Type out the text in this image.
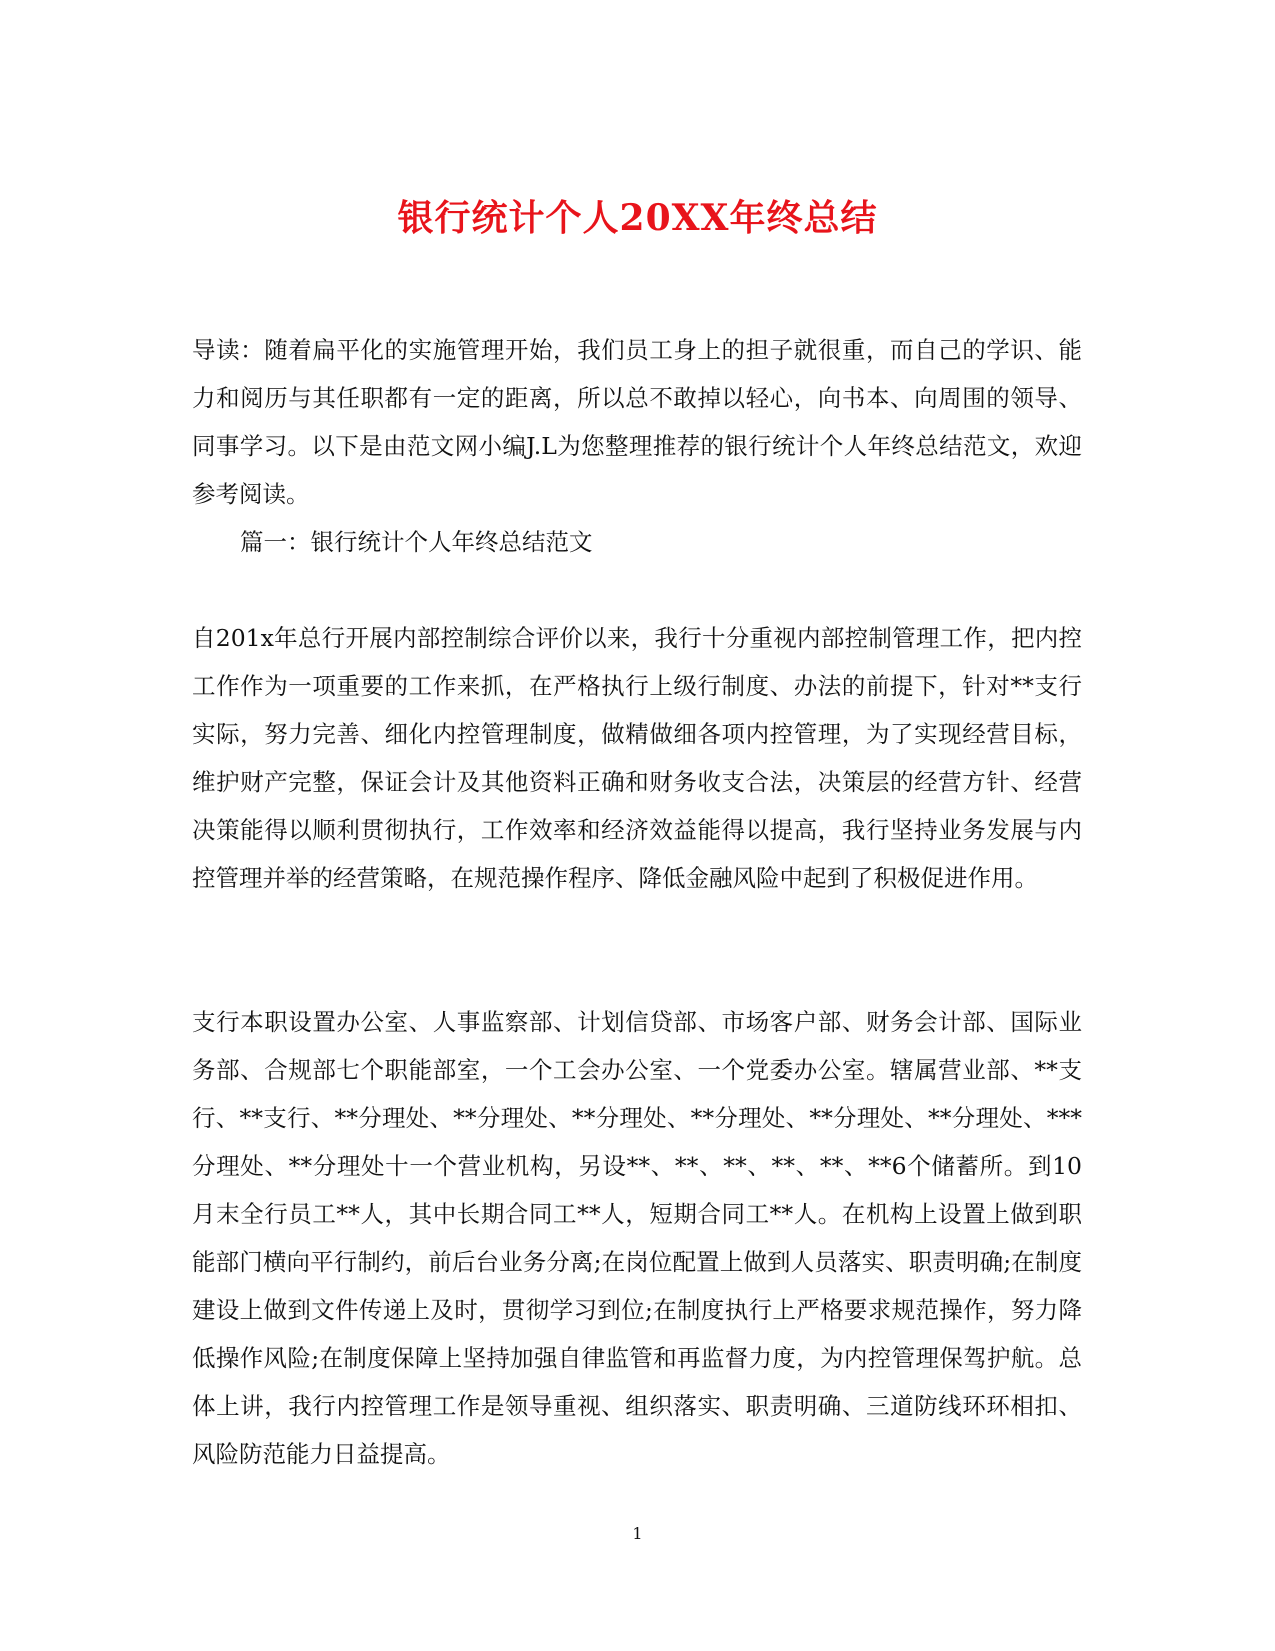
银行统计个人20XX年终总结

导读：随着扁平化的实施管理开始，我们员工身上的担子就很重，而自己的学识、能力和阅历与其任职都有一定的距离，所以总不敢掉以轻心，向书本、向周围的领导、同事学习。以下是由范文网小编J.L为您整理推荐的银行统计个人年终总结范文，欢迎参考阅读。

篇一：银行统计个人年终总结范文

自201x年总行开展内部控制综合评价以来，我行十分重视内部控制管理工作，把内控工作作为一项重要的工作来抓，在严格执行上级行制度、办法的前提下，针对**支行实际，努力完善、细化内控管理制度，做精做细各项内控管理，为了实现经营目标，维护财产完整，保证会计及其他资料正确和财务收支合法，决策层的经营方针、经营决策能得以顺利贯彻执行，工作效率和经济效益能得以提高，我行坚持业务发展与内控管理并举的经营策略，在规范操作程序、降低金融风险中起到了积极促进作用。

支行本职设置办公室、人事监察部、计划信贷部、市场客户部、财务会计部、国际业务部、合规部七个职能部室，一个工会办公室、一个党委办公室。辖属营业部、**支行、**支行、**分理处、**分理处、**分理处、**分理处、**分理处、**分理处、***分理处、**分理处十一个营业机构，另设**、**、**、**、**、**6个储蓄所。到10月末全行员工**人，其中长期合同工**人，短期合同工**人。在机构上设置上做到职能部门横向平行制约，前后台业务分离;在岗位配置上做到人员落实、职责明确;在制度建设上做到文件传递上及时，贯彻学习到位;在制度执行上严格要求规范操作，努力降低操作风险;在制度保障上坚持加强自律监管和再监督力度，为内控管理保驾护航。总体上讲，我行内控管理工作是领导重视、组织落实、职责明确、三道防线环环相扣、风险防范能力日益提高。

1
